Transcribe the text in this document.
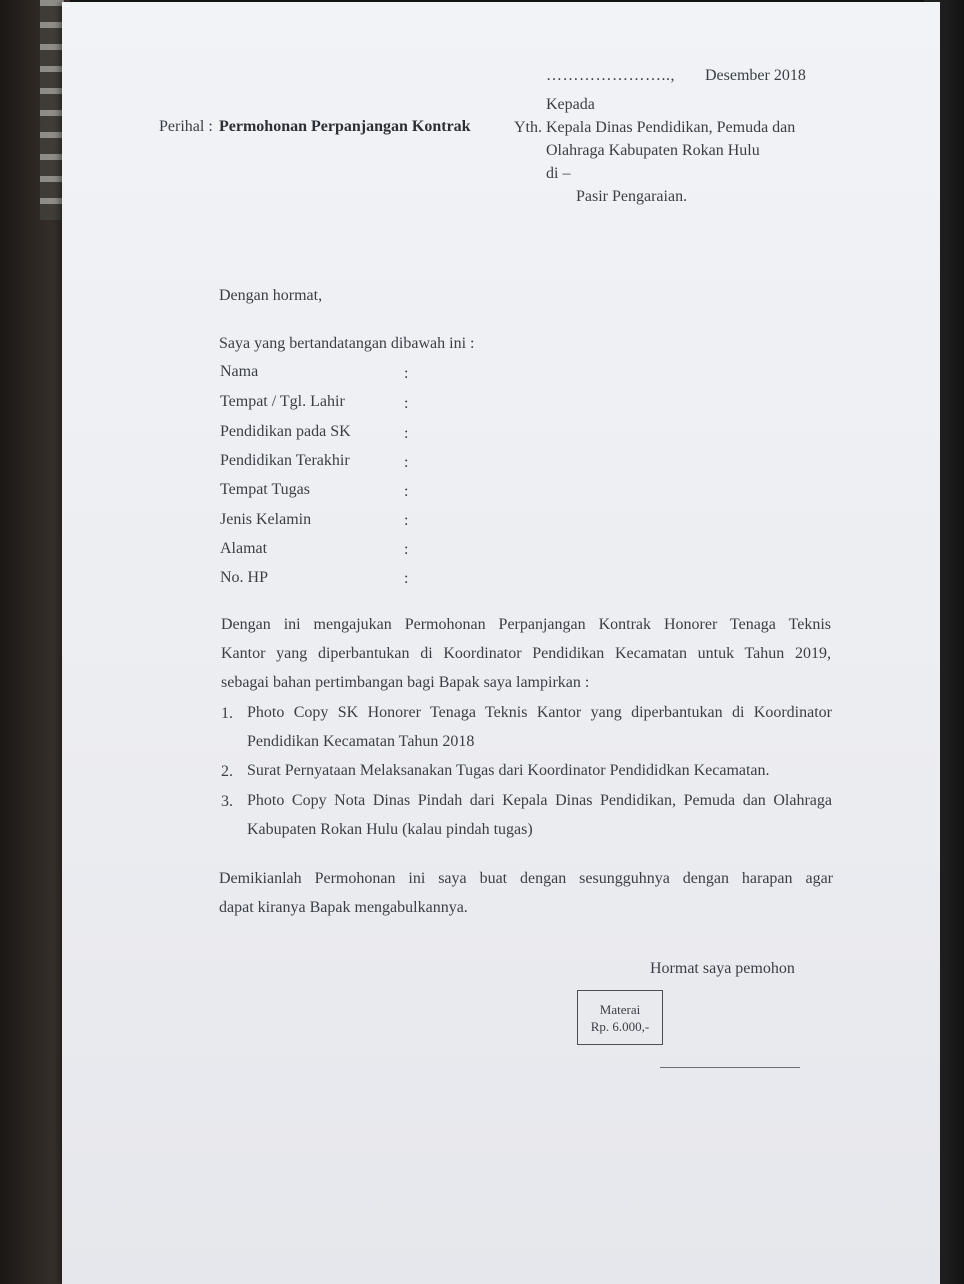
………………….., Desember 2018

Kepada

Perihal : Permohonan Perpanjangan Kontrak	Yth. Kepala Dinas Pendidikan, Pemuda dan

Olahraga Kabupaten Rokan Hulu

di –

Pasir Pengaraian.

Dengan hormat,

Saya yang bertandatangan dibawah ini :

Nama	:
Tempat / Tgl. Lahir	:
Pendidikan pada SK	:
Pendidikan Terakhir	:
Tempat Tugas	:
Jenis Kelamin	:
Alamat	:
No. HP	:

Dengan ini mengajukan Permohonan Perpanjangan Kontrak Honorer Tenaga Teknis

Kantor yang diperbantukan di Koordinator Pendidikan Kecamatan untuk Tahun 2019,

sebagai bahan pertimbangan bagi Bapak saya lampirkan :

1. Photo Copy SK Honorer Tenaga Teknis Kantor yang diperbantukan di Koordinator

Pendidikan Kecamatan Tahun 2018

2. Surat Pernyataan Melaksanakan Tugas dari Koordinator Pendididkan Kecamatan.

3. Photo Copy Nota Dinas Pindah dari Kepala Dinas Pendidikan, Pemuda dan Olahraga

Kabupaten Rokan Hulu (kalau pindah tugas)

Demikianlah Permohonan ini saya buat dengan sesungguhnya dengan harapan agar

dapat kiranya Bapak mengabulkannya.

Hormat saya pemohon

Materai
Rp. 6.000,-
